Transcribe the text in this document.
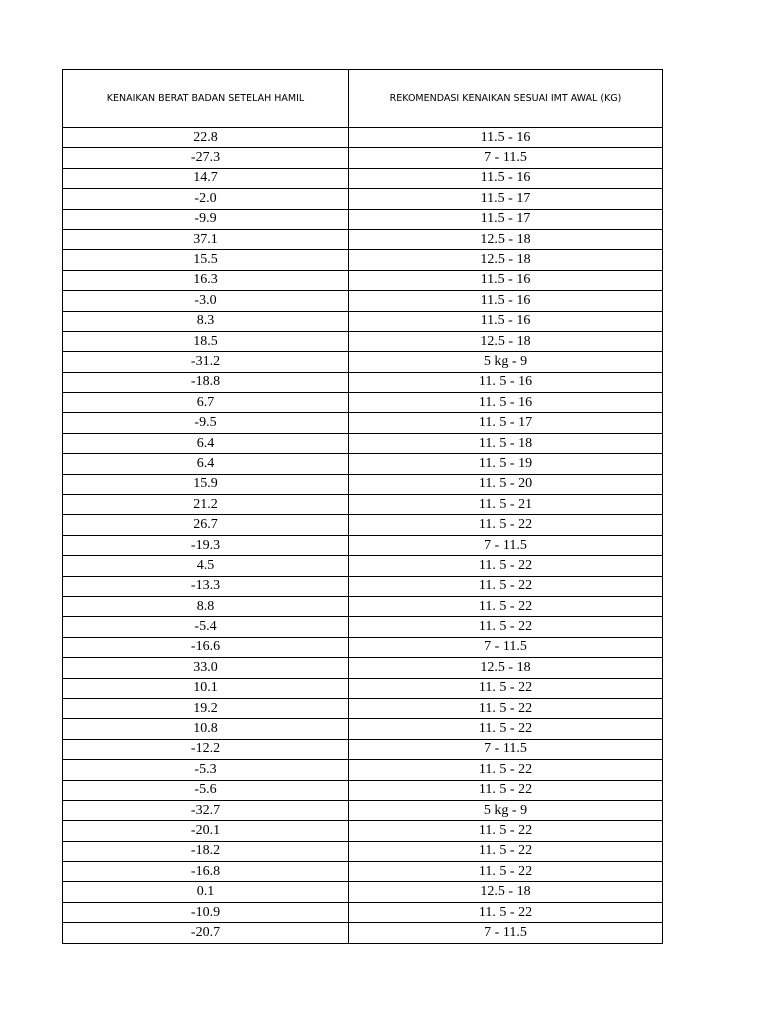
KENAIKAN BERAT BADAN SETELAH HAMIL	REKOMENDASI KENAIKAN SESUAI IMT AWAL (KG)
22.8	11.5 - 16
-27.3	7 - 11.5
14.7	11.5 - 16
-2.0	11.5 - 17
-9.9	11.5 - 17
37.1	12.5 - 18
15.5	12.5 - 18
16.3	11.5 - 16
-3.0	11.5 - 16
8.3	11.5 - 16
18.5	12.5 - 18
-31.2	5 kg - 9
-18.8	11. 5 - 16
6.7	11. 5 - 16
-9.5	11. 5 - 17
6.4	11. 5 - 18
6.4	11. 5 - 19
15.9	11. 5 - 20
21.2	11. 5 - 21
26.7	11. 5 - 22
-19.3	7 - 11.5
4.5	11. 5 - 22
-13.3	11. 5 - 22
8.8	11. 5 - 22
-5.4	11. 5 - 22
-16.6	7 - 11.5
33.0	12.5 - 18
10.1	11. 5 - 22
19.2	11. 5 - 22
10.8	11. 5 - 22
-12.2	7 - 11.5
-5.3	11. 5 - 22
-5.6	11. 5 - 22
-32.7	5 kg - 9
-20.1	11. 5 - 22
-18.2	11. 5 - 22
-16.8	11. 5 - 22
0.1	12.5 - 18
-10.9	11. 5 - 22
-20.7	7 - 11.5
